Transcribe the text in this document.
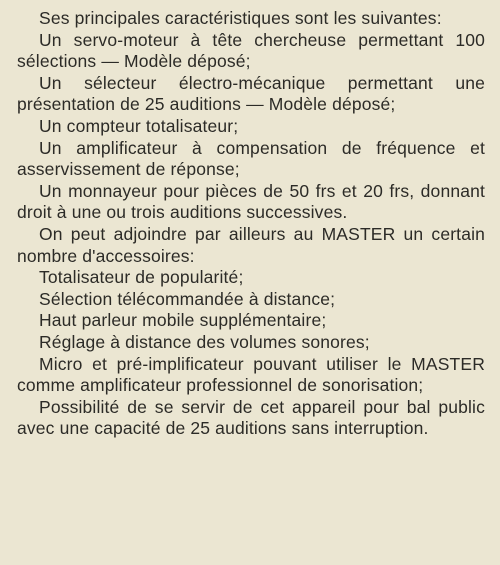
Ses principales caractéristiques sont les suivantes:

Un servo-moteur à tête chercheuse permettant 100 sélections — Modèle déposé;

Un sélecteur électro-mécanique permettant une présentation de 25 auditions — Modèle déposé;

Un compteur totalisateur;

Un amplificateur à compensation de fréquence et asservissement de réponse;

Un monnayeur pour pièces de 50 frs et 20 frs, donnant droit à une ou trois auditions successives.

On peut adjoindre par ailleurs au MASTER un certain nombre d'accessoires:

Totalisateur de popularité;

Sélection télécommandée à distance;

Haut parleur mobile supplémentaire;

Réglage à distance des volumes sonores;

Micro et pré-implificateur pouvant utiliser le MASTER comme amplificateur professionnel de sonorisation;

Possibilité de se servir de cet appareil pour bal public avec une capacité de 25 auditions sans interruption.
